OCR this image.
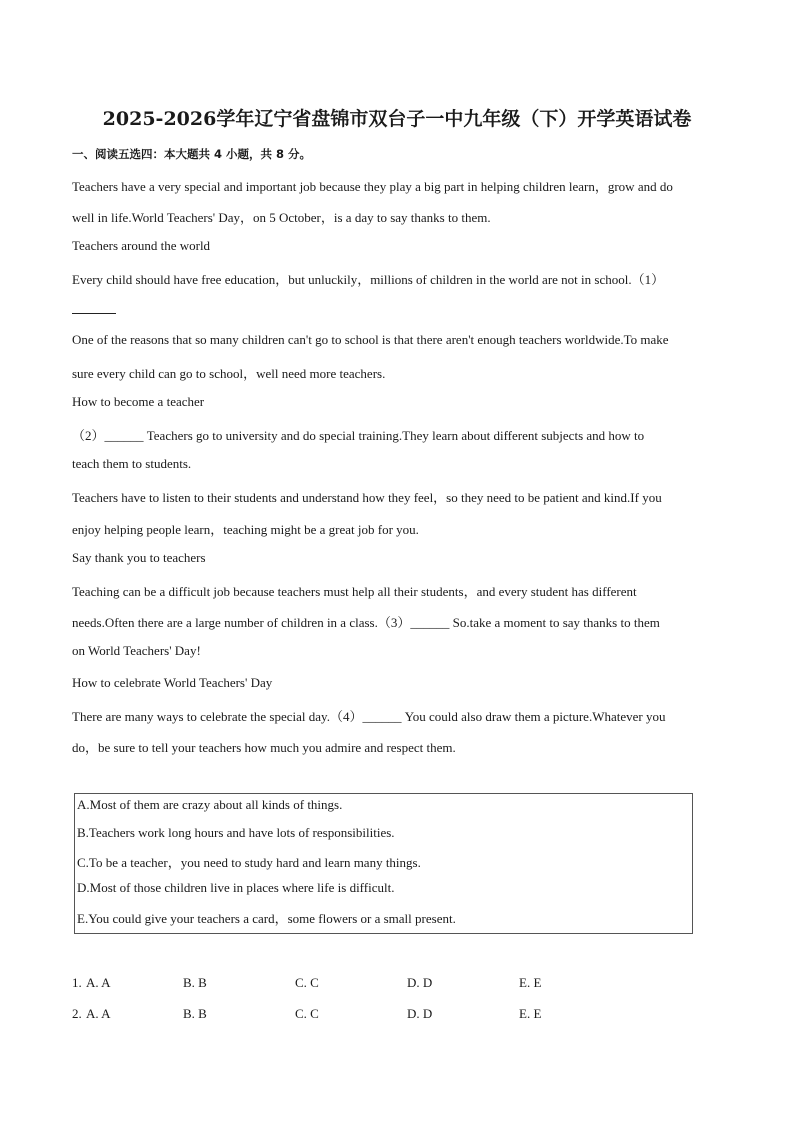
2025-2026学年辽宁省盘锦市双台子一中九年级（下）开学英语试卷
一、阅读五选四：本大题共 4 小题，共 8 分。
Teachers have a very special and important job because they play a big part in helping children learn，grow and do
well in life.World Teachers' Day，on 5 October，is a day to say thanks to them.
Teachers around the world
Every child should have free education，but unluckily，millions of children in the world are not in school.（1）
One of the reasons that so many children can't go to school is that there aren't enough teachers worldwide.To make
sure every child can go to school，well need more teachers.
How to become a teacher
（2）______ Teachers go to university and do special training.They learn about different subjects and how to
teach them to students.
Teachers have to listen to their students and understand how they feel，so they need to be patient and kind.If you
enjoy helping people learn，teaching might be a great job for you.
Say thank you to teachers
Teaching can be a difficult job because teachers must help all their students，and every student has different
needs.Often there are a large number of children in a class.（3）______ So.take a moment to say thanks to them
on World Teachers' Day!
How to celebrate World Teachers' Day
There are many ways to celebrate the special day.（4）______ You could also draw them a picture.Whatever you
do，be sure to tell your teachers how much you admire and respect them.
A.Most of them are crazy about all kinds of things.
B.Teachers work long hours and have lots of responsibilities.
C.To be a teacher，you need to study hard and learn many things.
D.Most of those children live in places where life is difficult.
E.You could give your teachers a card，some flowers or a small present.
1. A. A	B. B	C. C	D. D	E. E
2. A. A	B. B	C. C	D. D	E. E
